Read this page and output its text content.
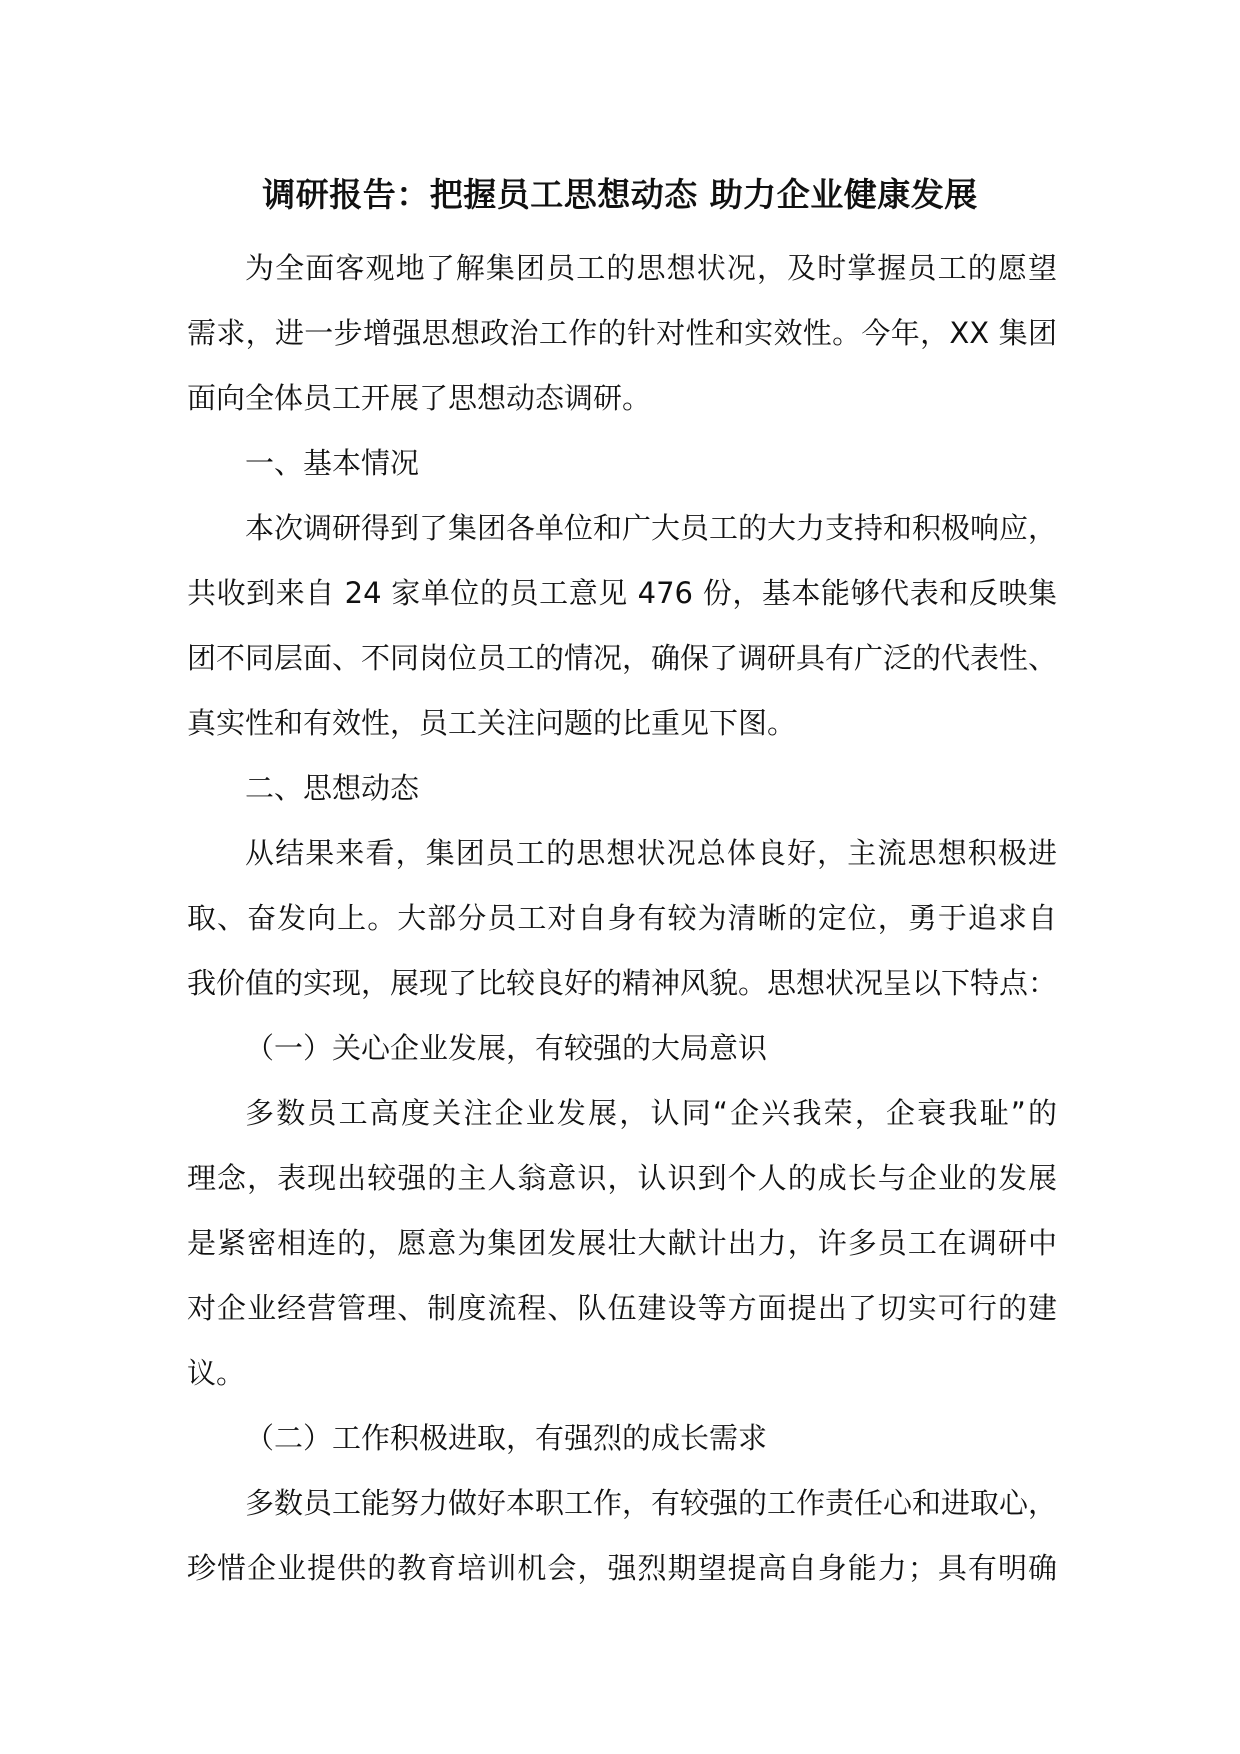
调研报告：把握员工思想动态 助力企业健康发展
为全面客观地了解集团员工的思想状况，及时掌握员工的愿望
需求，进一步增强思想政治工作的针对性和实效性。今年，XX 集团
面向全体员工开展了思想动态调研。
一、基本情况
本次调研得到了集团各单位和广大员工的大力支持和积极响应，
共收到来自 24 家单位的员工意见 476 份，基本能够代表和反映集
团不同层面、不同岗位员工的情况，确保了调研具有广泛的代表性、
真实性和有效性，员工关注问题的比重见下图。
二、思想动态
从结果来看，集团员工的思想状况总体良好，主流思想积极进
取、奋发向上。大部分员工对自身有较为清晰的定位，勇于追求自
我价值的实现，展现了比较良好的精神风貌。思想状况呈以下特点：
（一）关心企业发展，有较强的大局意识
多数员工高度关注企业发展，认同“企兴我荣，企衰我耻”的
理念，表现出较强的主人翁意识，认识到个人的成长与企业的发展
是紧密相连的，愿意为集团发展壮大献计出力，许多员工在调研中
对企业经营管理、制度流程、队伍建设等方面提出了切实可行的建
议。
（二）工作积极进取，有强烈的成长需求
多数员工能努力做好本职工作，有较强的工作责任心和进取心，
珍惜企业提供的教育培训机会，强烈期望提高自身能力；具有明确
